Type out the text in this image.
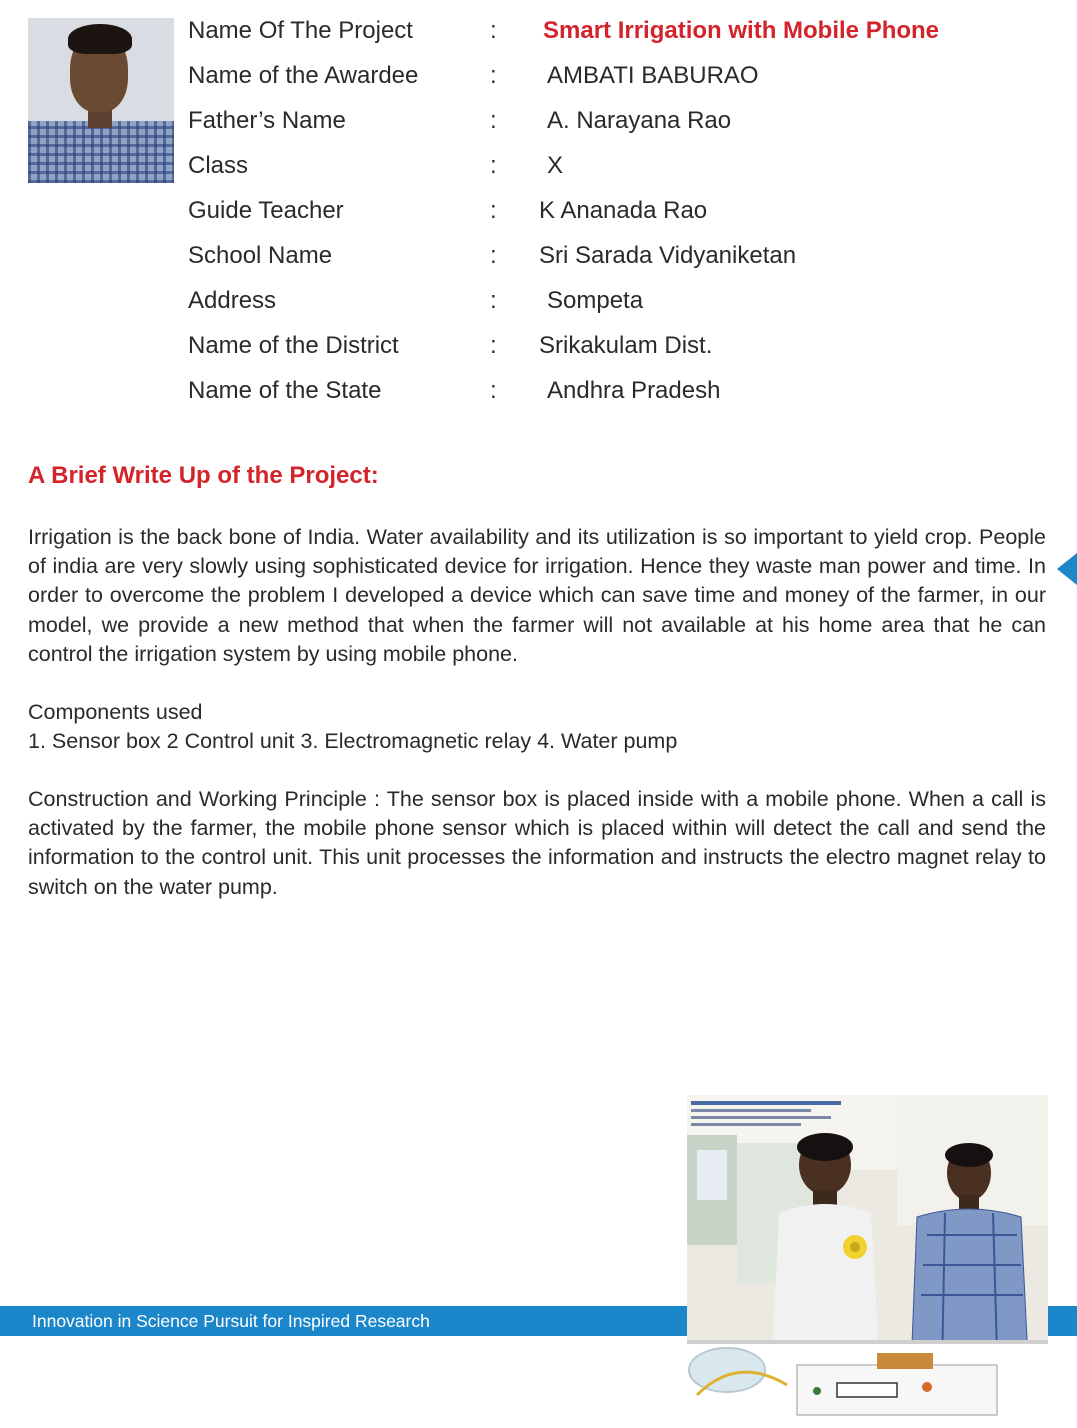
Name Of The Project	: Smart Irrigation with Mobile Phone
Name of the Awardee	: AMBATI BABURAO
Father’s Name	: A. Narayana Rao
Class	: X
Guide Teacher	: K Ananada Rao
School Name	: Sri Sarada Vidyaniketan
Address	: Sompeta
Name of the District	: Srikakulam Dist.
Name of the State	: Andhra Pradesh
A Brief Write Up of the Project:

Irrigation is the back bone of India. Water availability and its utilization is so important to yield crop. People of india are very slowly using sophisticated device for irrigation. Hence they waste man power and time. In order to overcome the problem I developed a device which can save time and money of the farmer, in our model, we provide a new method that when the farmer will not available at his home area that he can control the irrigation system by using mobile phone.

Components used

1. Sensor box 2 Control unit 3. Electromagnetic relay 4. Water pump

Construction and Working Principle : The sensor box is placed inside with a mobile phone. When a call is activated by the farmer, the mobile phone sensor which is placed within will detect the call and send the information to the control unit. This unit processes the information and instructs the electro magnet relay to switch on the water pump.

Innovation in Science Pursuit for Inspired Research
